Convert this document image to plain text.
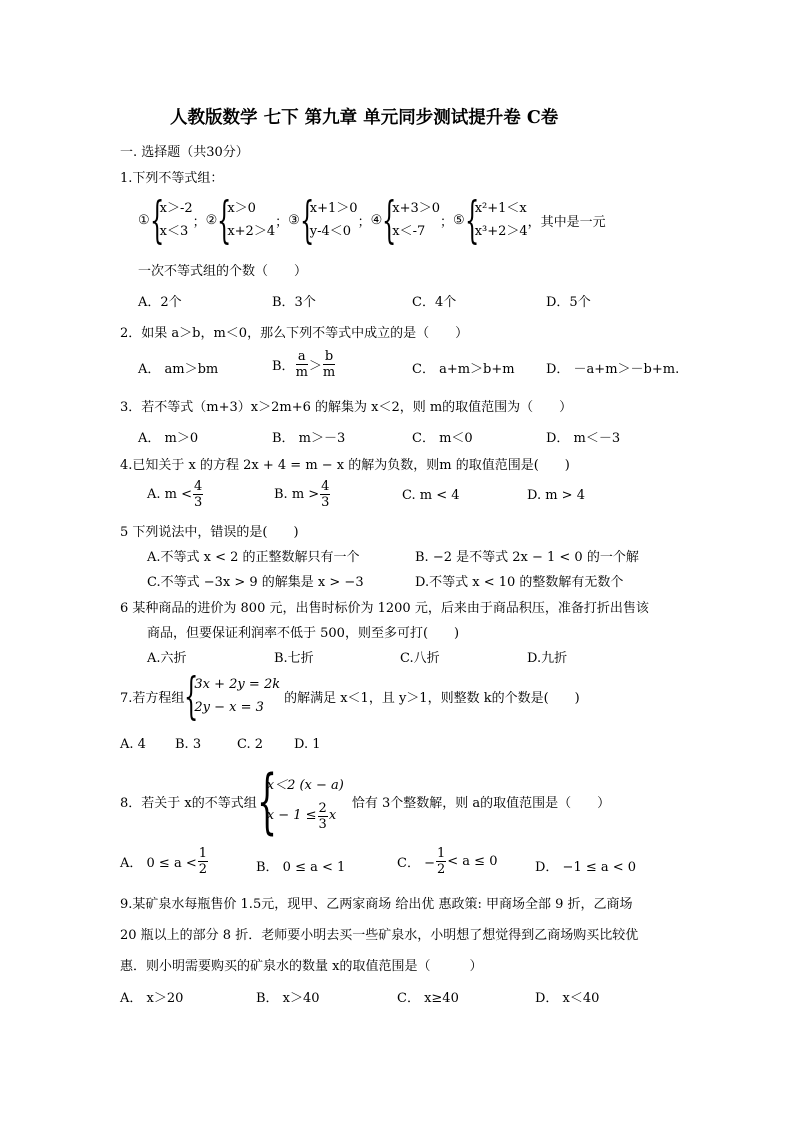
人教版数学 七下 第九章 单元同步测试提升卷 C卷
一. 选择题（共30分）
1.下列不等式组：
① {
x＞-2
x＜3
； ② {
x＞0
x+2＞4
； ③ {
x+1＞0
y-4＜0
； ④ {
x+3＞0
x＜-7
； ⑤ {
x²+1＜x
x³+2＞4
，其中是一元
一次不等式组的个数（　　）
A．2个	B．3个	C．4个	D．5个
2．如果 a＞b，m＜0，那么下列不等式中成立的是（　　）
A． am＞bm	B． $\frac{a}{m} > \frac{b}{m}$	C． a+m＞b+m D． －a+m＞－b+m.
3．若不等式（m+3）x＞2m+6 的解集为 x＜2，则 m的取值范围为（　　）
A． m＞0	B． m＞－3	C． m＜0	D． m＜－3
4.已知关于 x 的方程 2x + 4 = m − x 的解为负数，则m 的取值范围是(　　)
A. $m < \frac{4}{3}$	B. $m > \frac{4}{3}$	C. m < 4	D. m > 4
5 下列说法中，错误的是(　　)
A.不等式 x < 2 的正整数解只有一个	B. −2 是不等式 2x − 1 < 0 的一个解
C.不等式 −3x > 9 的解集是 x > −3	D.不等式 x < 10 的整数解有无数个
6 某种商品的进价为 800 元，出售时标价为 1200 元，后来由于商品积压，准备打折出售该
商品，但要保证利润率不低于 500，则至多可打(　　)
A.六折	B.七折	C.八折	D.九折
7.若方程组 {
3x + 2y = 2k
2y − x = 3
的解满足 x＜1，且 y＞1，则整数 k的个数是(　　)
A. 4 B. 3	C. 2 D. 1
8．若关于 x的不等式组 {
x＜2 (x − a)
$x - 1 \le \frac{2}{3}$ x
恰有 3个整数解，则 a的取值范围是（　　）
A． $0 \le a < \frac{1}{2}$	B． 0 ≤ a < 1	C． − $\frac{1}{2} < a \le 0$	D． −1 ≤ a < 0
9.某矿泉水每瓶售价 1.5元，现甲、乙两家商场 给出优 惠政策: 甲商场全部 9 折，乙商场
20 瓶以上的部分 8 折．老师要小明去买一些矿泉水，小明想了想觉得到乙商场购买比较优
惠．则小明需要购买的矿泉水的数量 x的取值范围是（　　　）
A． x＞20	B． x＞40	C． x≥40	D． x＜40
